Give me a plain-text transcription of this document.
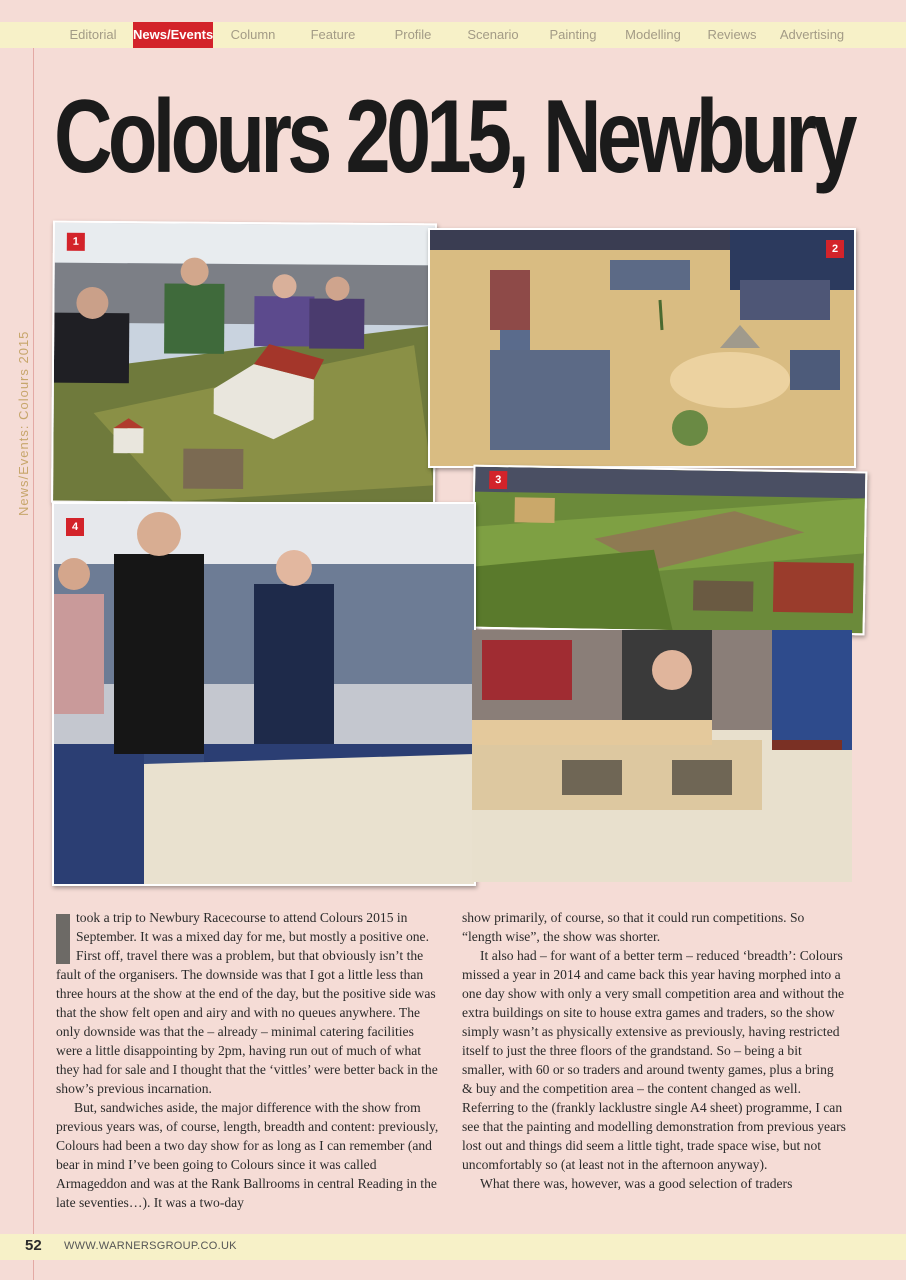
Editorial	News/Events	Column	Feature	Profile	Scenario	Painting	Modelling	Reviews	Advertising
News/Events: Colours 2015
Colours 2015, Newbury
1
2
3
4

took a trip to Newbury Racecourse to attend Colours 2015 in September. It was a mixed day for me, but mostly a positive one. First off, travel there was a problem, but that obviously isn’t the fault of the organisers. The downside was that I got a little less than three hours at the show at the end of the day, but the positive side was that the show felt open and airy and with no queues anywhere. The only downside was that the – already – minimal catering facilities were a little disappointing by 2pm, having run out of much of what they had for sale and I thought that the ‘vittles’ were better back in the show’s previous incarnation.

But, sandwiches aside, the major difference with the show from previous years was, of course, length, breadth and content: previously, Colours had been a two day show for as long as I can remember (and bear in mind I’ve been going to Colours since it was called Armageddon and was at the Rank Ballrooms in central Reading in the late seventies…). It was a two-day

show primarily, of course, so that it could run competitions. So “length wise”, the show was shorter.

It also had – for want of a better term – reduced ‘breadth’: Colours missed a year in 2014 and came back this year having morphed into a one day show with only a very small competition area and without the extra buildings on site to house extra games and traders, so the show simply wasn’t as physically extensive as previously, having restricted itself to just the three floors of the grandstand. So – being a bit smaller, with 60 or so traders and around twenty games, plus a bring & buy and the competition area – the content changed as well. Referring to the (frankly lacklustre single A4 sheet) programme, I can see that the painting and modelling demonstration from previous years lost out and things did seem a little tight, trade space wise, but not uncomfortably so (at least not in the afternoon anyway).

What there was, however, was a good selection of traders

52 WWW.WARNERSGROUP.CO.UK
